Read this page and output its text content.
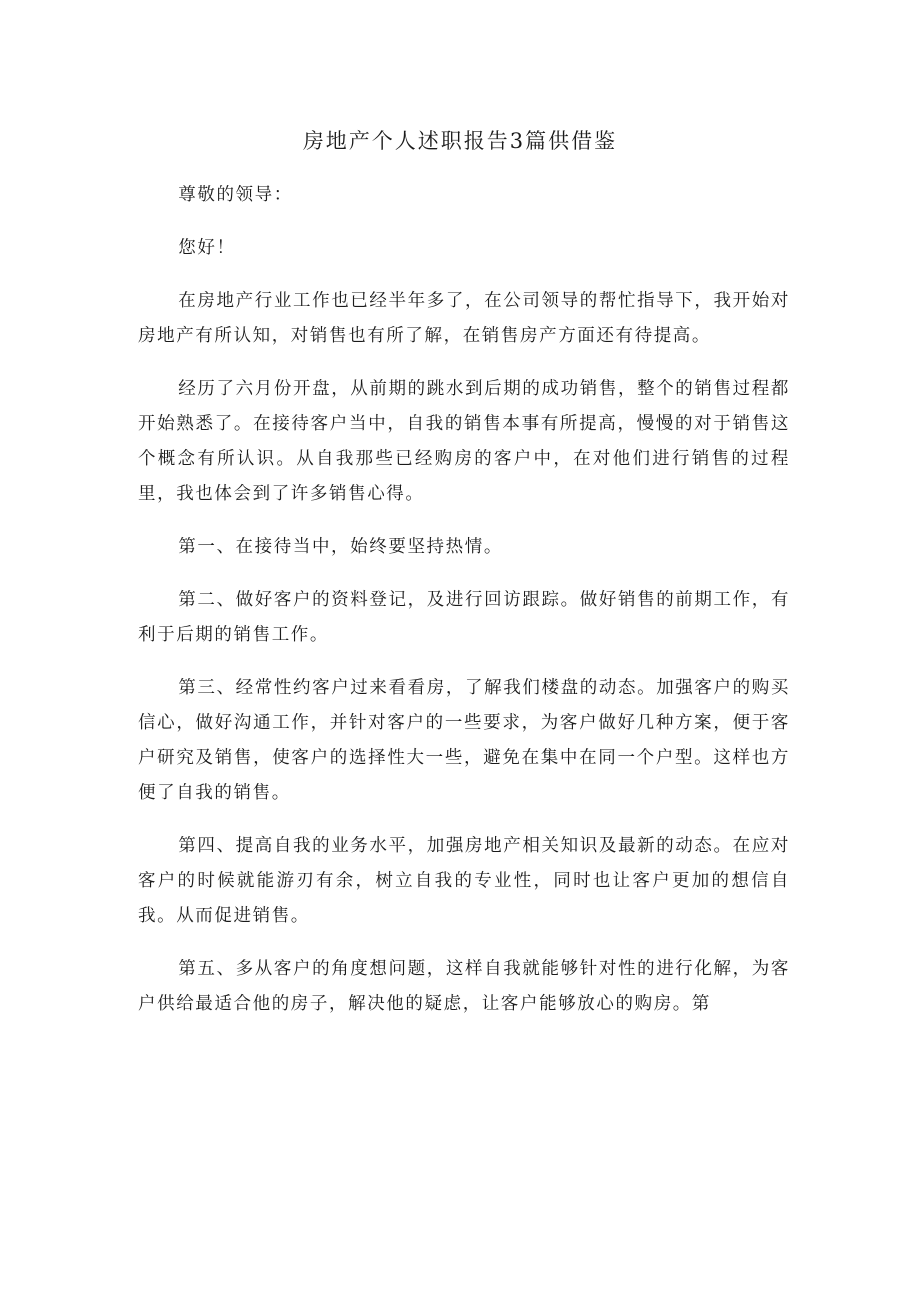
房地产个人述职报告3篇供借鉴

尊敬的领导：

您好！

在房地产行业工作也已经半年多了，在公司领导的帮忙指导下，我开始对房地产有所认知，对销售也有所了解，在销售房产方面还有待提高。

经历了六月份开盘，从前期的跳水到后期的成功销售，整个的销售过程都开始熟悉了。在接待客户当中，自我的销售本事有所提高，慢慢的对于销售这个概念有所认识。从自我那些已经购房的客户中，在对他们进行销售的过程里，我也体会到了许多销售心得。

第一、在接待当中，始终要坚持热情。

第二、做好客户的资料登记，及进行回访跟踪。做好销售的前期工作，有利于后期的销售工作。

第三、经常性约客户过来看看房，了解我们楼盘的动态。加强客户的购买信心，做好沟通工作，并针对客户的一些要求，为客户做好几种方案，便于客户研究及销售，使客户的选择性大一些，避免在集中在同一个户型。这样也方便了自我的销售。

第四、提高自我的业务水平，加强房地产相关知识及最新的动态。在应对客户的时候就能游刃有余，树立自我的专业性，同时也让客户更加的想信自我。从而促进销售。

第五、多从客户的角度想问题，这样自我就能够针对性的进行化解，为客户供给最适合他的房子，解决他的疑虑，让客户能够放心的购房。第
